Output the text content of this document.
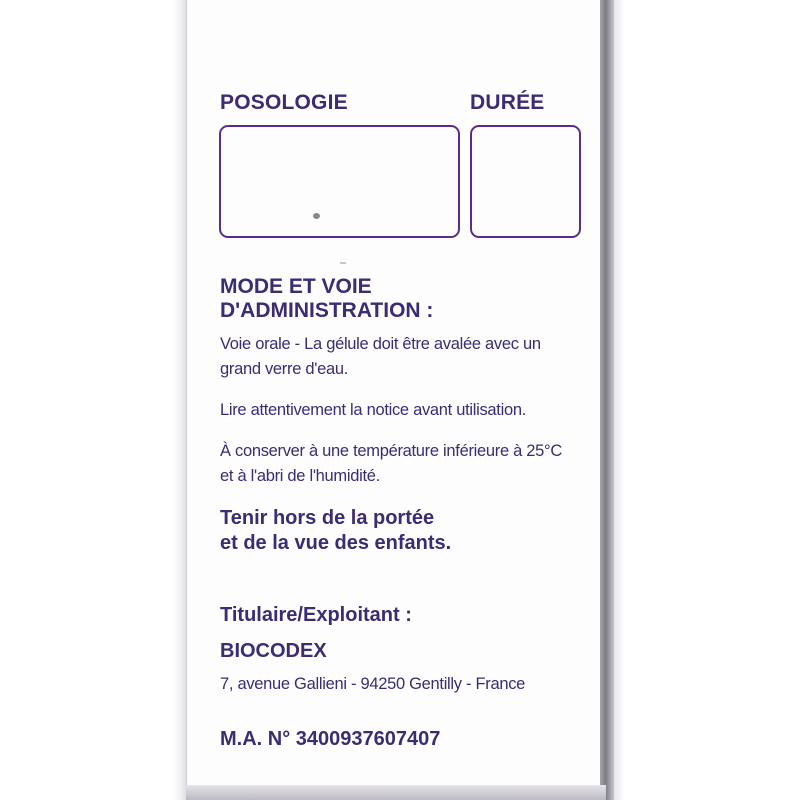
POSOLOGIE	DURÉE
MODE ET VOIE
D'ADMINISTRATION :
Voie orale - La gélule doit être avalée avec un
grand verre d'eau.
Lire attentivement la notice avant utilisation.
À conserver à une température inférieure à 25°C
et à l'abri de l'humidité.
Tenir hors de la portée
et de la vue des enfants.
Titulaire/Exploitant :
BIOCODEX
7, avenue Gallieni - 94250 Gentilly - France
M.A. N° 3400937607407
